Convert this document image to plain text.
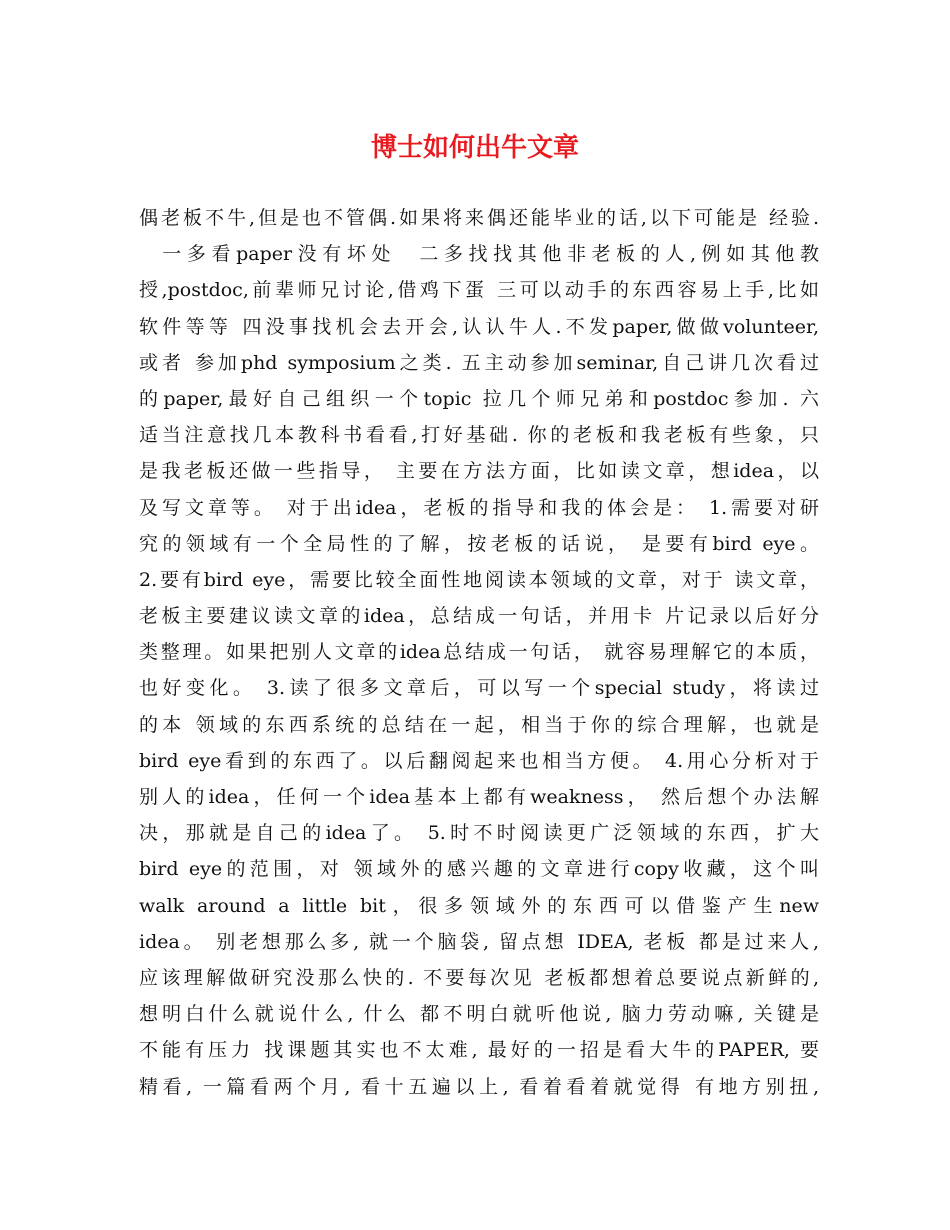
博士如何出牛文章
偶老板不牛,但是也不管偶.如果将来偶还能毕业的话,以下可能是 经验.
一多看paper没有坏处  二多找找其他非老板的人,例如其他教
授,postdoc,前辈师兄讨论,借鸡下蛋 三可以动手的东西容易上手,比如
软件等等 四没事找机会去开会,认认牛人.不发paper,做做volunteer,
或者 参加phd symposium之类. 五主动参加seminar,自己讲几次看过
的paper,最好自己组织一个topic 拉几个师兄弟和postdoc参加. 六
适当注意找几本教科书看看,打好基础. 你的老板和我老板有些象，只
是我老板还做一些指导， 主要在方法方面，比如读文章，想idea，以
及写文章等。 对于出idea，老板的指导和我的体会是： 1.需要对研
究的领域有一个全局性的了解，按老板的话说， 是要有bird eye。
2.要有bird eye，需要比较全面性地阅读本领域的文章，对于 读文章，
老板主要建议读文章的idea，总结成一句话，并用卡 片记录以后好分
类整理。如果把别人文章的idea总结成一句话， 就容易理解它的本质，
也好变化。 3.读了很多文章后，可以写一个special study，将读过
的本 领域的东西系统的总结在一起，相当于你的综合理解，也就是
bird eye看到的东西了。以后翻阅起来也相当方便。 4.用心分析对于
别人的idea，任何一个idea基本上都有weakness， 然后想个办法解
决，那就是自己的idea了。 5.时不时阅读更广泛领域的东西，扩大
bird eye的范围，对 领域外的感兴趣的文章进行copy收藏，这个叫
walk around a little bit，很多领域外的东西可以借鉴产生new
idea。 别老想那么多, 就一个脑袋, 留点想 IDEA, 老板 都是过来人,
应该理解做研究没那么快的. 不要每次见 老板都想着总要说点新鲜的,
想明白什么就说什么, 什么 都不明白就听他说, 脑力劳动嘛, 关键是
不能有压力 找课题其实也不太难, 最好的一招是看大牛的PAPER, 要
精看, 一篇看两个月, 看十五遍以上, 看着看着就觉得 有地方别扭,
